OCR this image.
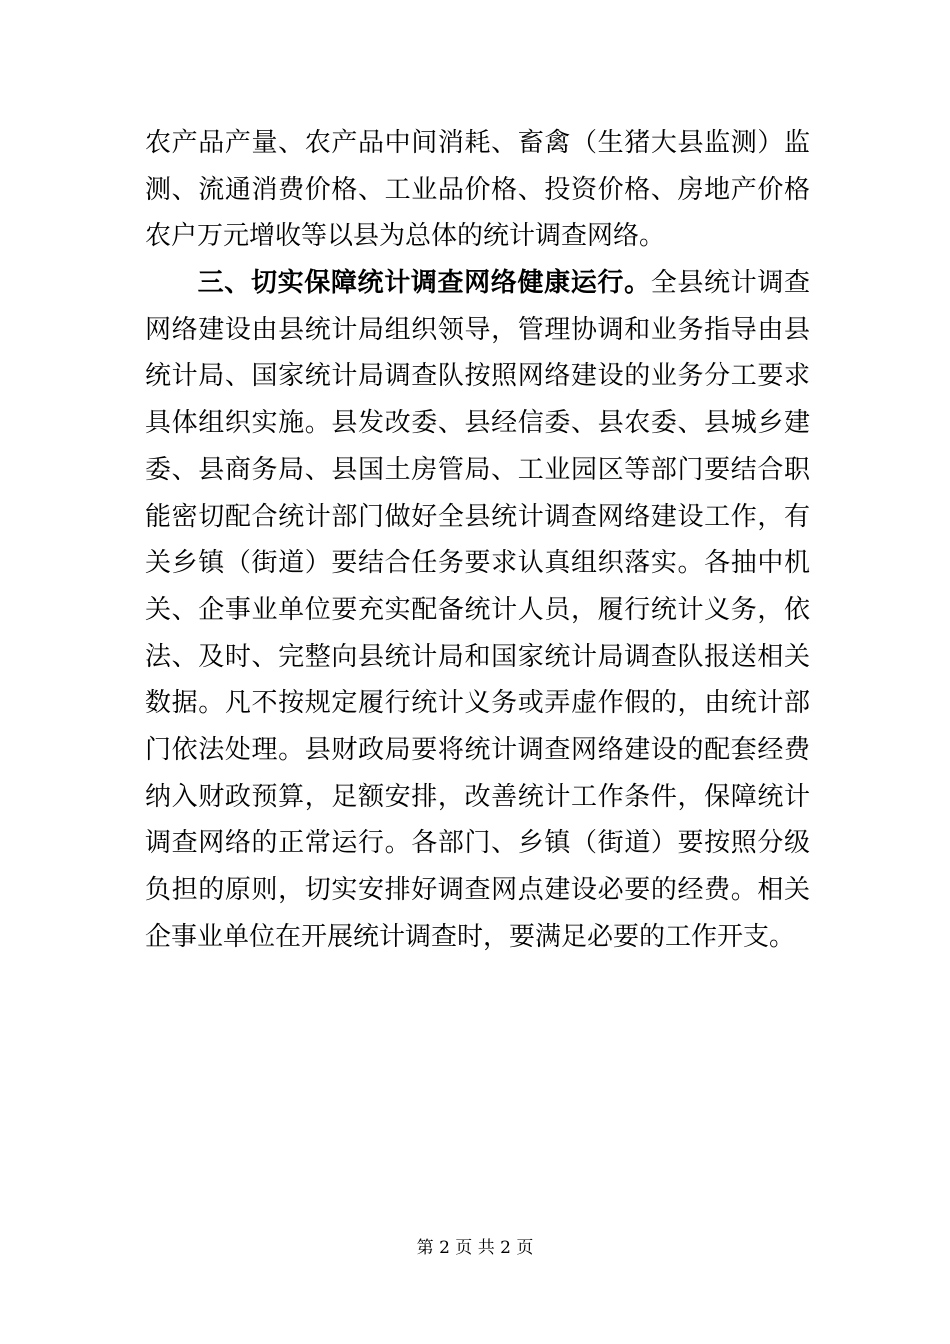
农产品产量、农产品中间消耗、畜禽（生猪大县监测）监
测、流通消费价格、工业品价格、投资价格、房地产价格
农户万元增收等以县为总体的统计调查网络。
三、切实保障统计调查网络健康运行。全县统计调查
网络建设由县统计局组织领导，管理协调和业务指导由县
统计局、国家统计局调查队按照网络建设的业务分工要求
具体组织实施。县发改委、县经信委、县农委、县城乡建
委、县商务局、县国土房管局、工业园区等部门要结合职
能密切配合统计部门做好全县统计调查网络建设工作，有
关乡镇（街道）要结合任务要求认真组织落实。各抽中机
关、企事业单位要充实配备统计人员，履行统计义务，依
法、及时、完整向县统计局和国家统计局调查队报送相关
数据。凡不按规定履行统计义务或弄虚作假的，由统计部
门依法处理。县财政局要将统计调查网络建设的配套经费
纳入财政预算，足额安排，改善统计工作条件，保障统计
调查网络的正常运行。各部门、乡镇（街道）要按照分级
负担的原则，切实安排好调查网点建设必要的经费。相关
企事业单位在开展统计调查时，要满足必要的工作开支。
第 2 页 共 2 页
